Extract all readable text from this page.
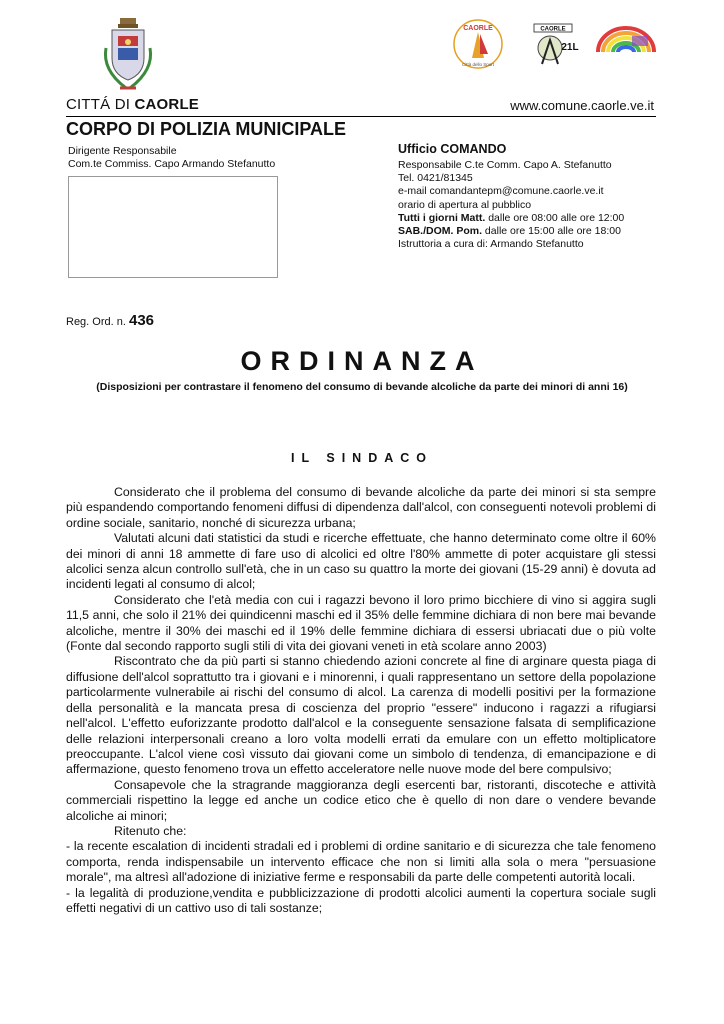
CAORLE
Città dello Sport
CAORLE
21L
CITTÁ DI CAORLE	www.comune.caorle.ve.it
CORPO DI POLIZIA MUNICIPALE
Dirigente Responsabile
Com.te Commiss. Capo Armando Stefanutto
Ufficio COMANDO
Responsabile C.te Comm. Capo A. Stefanutto
Tel. 0421/81345
e-mail comandantepm@comune.caorle.ve.it
orario di apertura al pubblico
Tutti i giorni Matt. dalle ore 08:00 alle ore 12:00
SAB./DOM. Pom. dalle ore 15:00 alle ore 18:00
Istruttoria a cura di: Armando Stefanutto
Reg. Ord. n. 436
ORDINANZA
(Disposizioni per contrastare il fenomeno del consumo di bevande alcoliche da parte dei minori di anni 16)
IL SINDACO

Considerato che il problema del consumo di bevande alcoliche da parte dei minori si sta sempre più espandendo comportando fenomeni diffusi di dipendenza dall'alcol, con conseguenti notevoli problemi di ordine sociale, sanitario, nonché di sicurezza urbana;

Valutati alcuni dati statistici da studi e ricerche effettuate, che hanno determinato come oltre il 60% dei minori di anni 18 ammette di fare uso di alcolici ed oltre l'80% ammette di poter acquistare gli stessi alcolici senza alcun controllo sull'età, che in un caso su quattro la morte dei giovani (15-29 anni) è dovuta ad incidenti legati al consumo di alcol;

Considerato che l'età media con cui i ragazzi bevono il loro primo bicchiere di vino si aggira sugli 11,5 anni, che solo il 21% dei quindicenni maschi ed il 35% delle femmine dichiara di non bere mai bevande alcoliche, mentre il 30% dei maschi ed il 19% delle femmine dichiara di essersi ubriacati due o più volte (Fonte dal secondo rapporto sugli stili di vita dei giovani veneti in età scolare anno 2003)

Riscontrato che da più parti si stanno chiedendo azioni concrete al fine di arginare questa piaga di diffusione dell'alcol soprattutto tra i giovani e i minorenni, i quali rappresentano un settore della popolazione particolarmente vulnerabile ai rischi del consumo di alcol. La carenza di modelli positivi per la formazione della personalità e la mancata presa di coscienza del proprio "essere" inducono i ragazzi a rifugiarsi nell'alcol. L'effetto euforizzante prodotto dall'alcol e la conseguente sensazione falsata di semplificazione delle relazioni interpersonali creano a loro volta modelli errati da emulare con un effetto moltiplicatore preoccupante. L'alcol viene così vissuto dai giovani come un simbolo di tendenza, di emancipazione e di affermazione, questo fenomeno trova un effetto acceleratore nelle nuove mode del bere compulsivo;

Consapevole che la stragrande maggioranza degli esercenti bar, ristoranti, discoteche e attività commerciali rispettino la legge ed anche un codice etico che è quello di non dare o vendere bevande alcoliche ai minori;

Ritenuto che:

- la recente escalation di incidenti stradali ed i problemi di ordine sanitario e di sicurezza che tale fenomeno comporta, renda indispensabile un intervento efficace che non si limiti alla sola o mera "persuasione morale", ma altresì all'adozione di iniziative ferme e responsabili da parte delle competenti autorità locali.

- la legalità di produzione,vendita e pubblicizzazione di prodotti alcolici aumenti la copertura sociale sugli effetti negativi di un cattivo uso di tali sostanze;
